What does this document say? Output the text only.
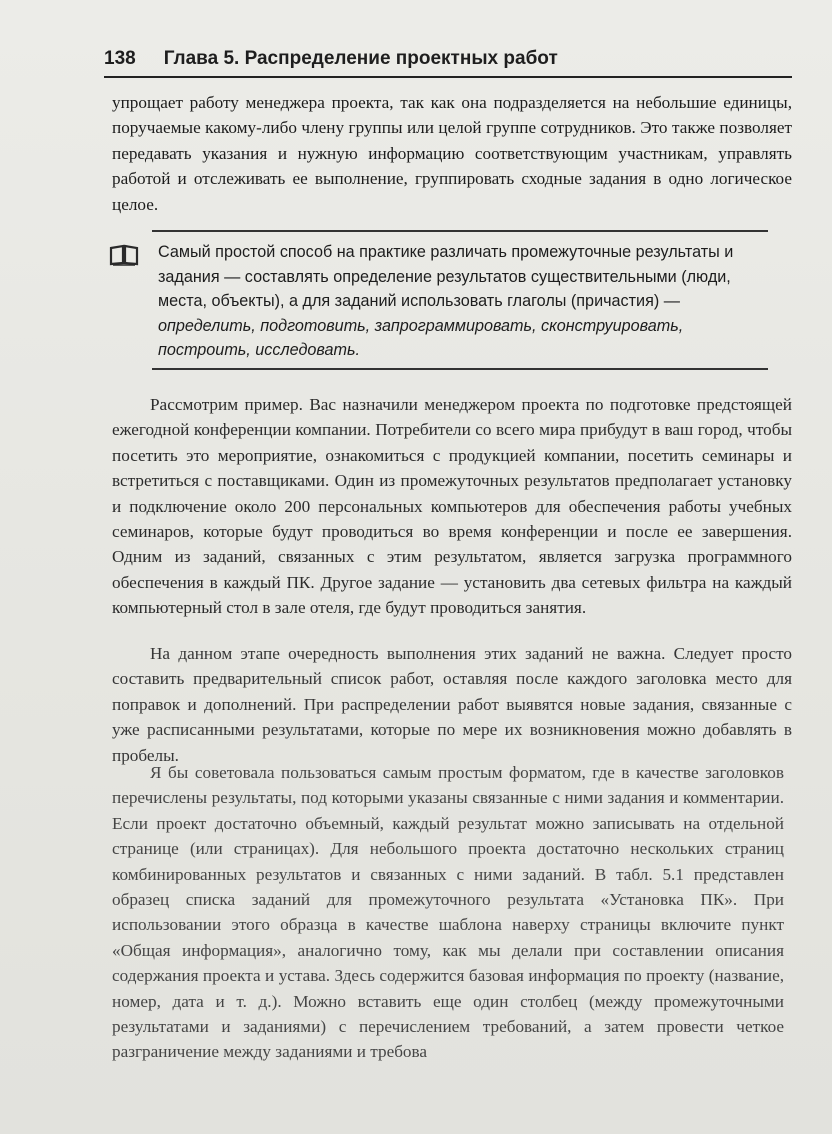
138 Глава 5. Распределение проектных работ

упрощает работу менеджера проекта, так как она подразделяется на небольшие единицы, поручаемые какому-либо члену группы или целой группе сотрудников. Это также позволяет передавать указания и нужную информацию соответствующим участникам, управлять работой и отслеживать ее выполнение, группировать сходные задания в одно логическое целое.

Самый простой способ на практике различать промежуточные результаты и задания — составлять определение результатов существительными (люди, места, объекты), а для заданий использовать глаголы (причастия) — определить, подготовить, запрограммировать, сконструировать, построить, исследовать.

Рассмотрим пример. Вас назначили менеджером проекта по подготовке предстоящей ежегодной конференции компании. Потребители со всего мира прибудут в ваш город, чтобы посетить это мероприятие, ознакомиться с продукцией компании, посетить семинары и встретиться с поставщиками. Один из промежуточных результатов предполагает установку и подключение около 200 персональных компьютеров для обеспечения работы учебных семинаров, которые будут проводиться во время конференции и после ее завершения. Одним из заданий, связанных с этим результатом, является загрузка программного обеспечения в каждый ПК. Другое задание — установить два сетевых фильтра на каждый компьютерный стол в зале отеля, где будут проводиться занятия.

На данном этапе очередность выполнения этих заданий не важна. Следует просто составить предварительный список работ, оставляя после каждого заголовка место для поправок и дополнений. При распределении работ выявятся новые задания, связанные с уже расписанными результатами, которые по мере их возникновения можно добавлять в пробелы.

Я бы советовала пользоваться самым простым форматом, где в качестве заголовков перечислены результаты, под которыми указаны связанные с ними задания и комментарии. Если проект достаточно объемный, каждый результат можно записывать на отдельной странице (или страницах). Для небольшого проекта достаточно нескольких страниц комбинированных результатов и связанных с ними заданий. В табл. 5.1 представлен образец списка заданий для промежуточного результата «Установка ПК». При использовании этого образца в качестве шаблона наверху страницы включите пункт «Общая информация», аналогично тому, как мы делали при составлении описания содержания проекта и устава. Здесь содержится базовая информация по проекту (название, номер, дата и т. д.). Можно вставить еще один столбец (между промежуточными результатами и заданиями) с перечислением требований, а затем провести четкое разграничение между заданиями и требова
